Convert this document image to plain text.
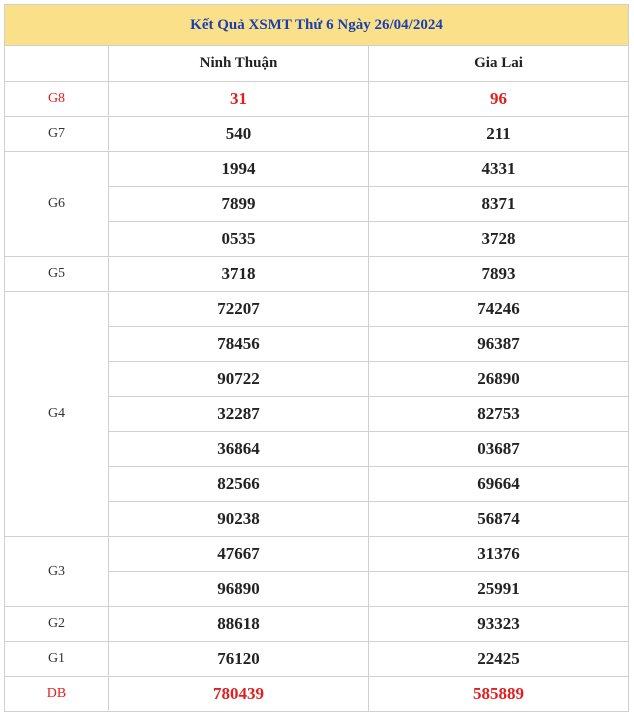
Kết Quả XSMT Thứ 6 Ngày 26/04/2024		
	Ninh Thuận	Gia Lai
G8	31	96
G7	540	211
G6	1994	4331
	7899	8371
	0535	3728
G5	3718	7893
G4	72207	74246
	78456	96387
	90722	26890
	32287	82753
	36864	03687
	82566	69664
	90238	56874
G3	47667	31376
	96890	25991
G2	88618	93323
G1	76120	22425
DB	780439	585889
